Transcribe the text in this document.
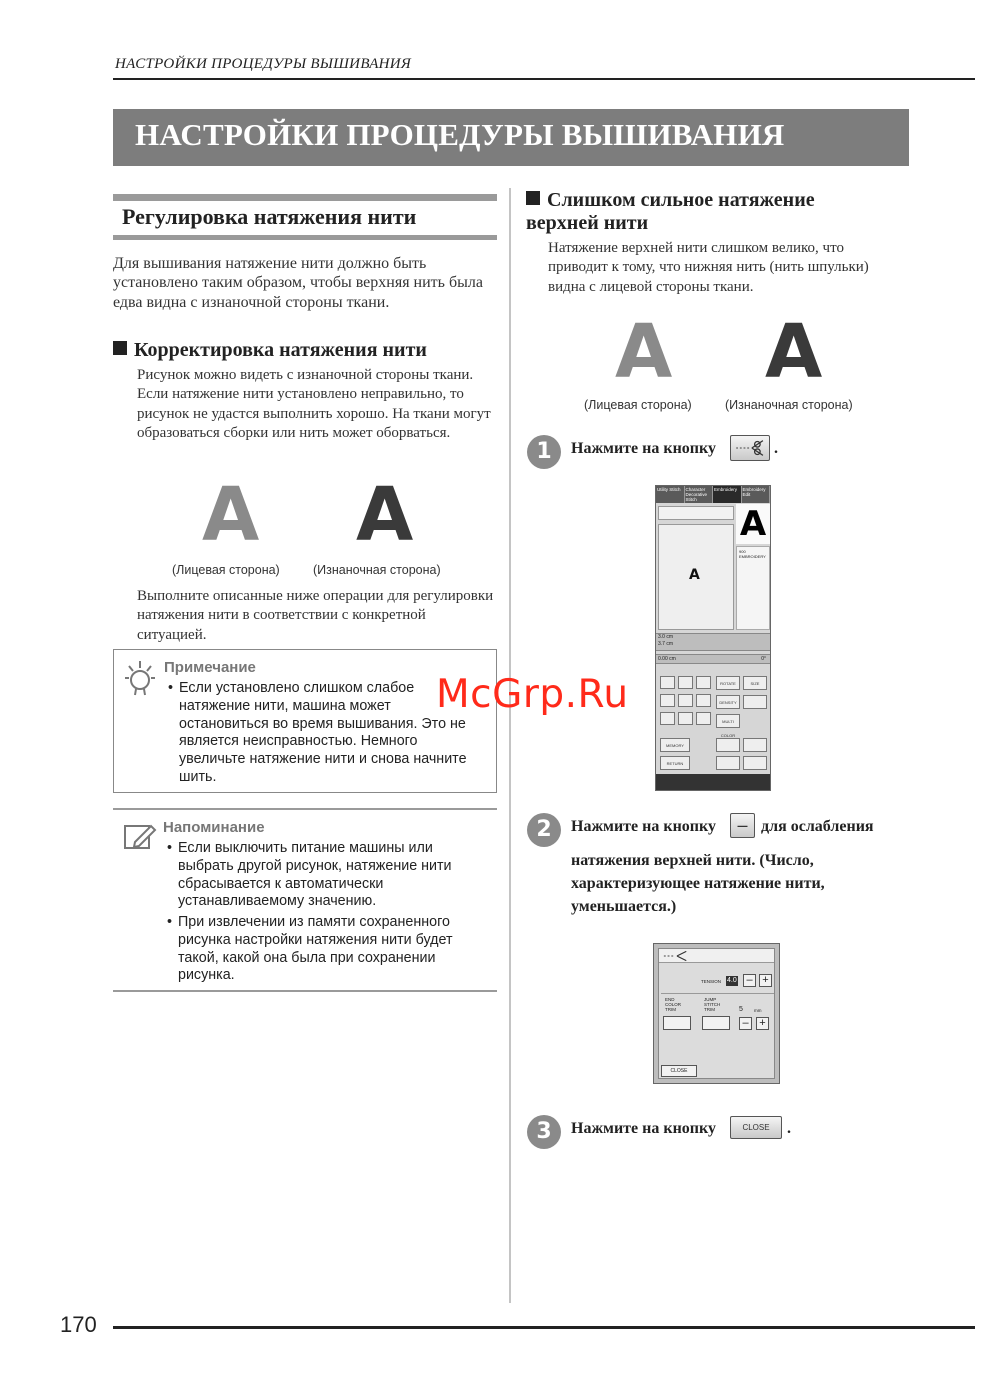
НАСТРОЙКИ ПРОЦЕДУРЫ ВЫШИВАНИЯ
НАСТРОЙКИ ПРОЦЕДУРЫ ВЫШИВАНИЯ
Регулировка натяжения нити
Для вышивания натяжение нити должно быть установлено таким образом, чтобы верхняя нить была едва видна с изнаночной стороны ткани.
Корректировка натяжения нити
Рисунок можно видеть с изнаночной стороны ткани. Если натяжение нити установлено неправильно, то рисунок не удастся выполнить хорошо. На ткани могут образоваться сборки или нить может оборваться.
A A
(Лицевая сторона)	(Изнаночная сторона)
Выполните описанные ниже операции для регулировки натяжения нити в соответствии с конкретной ситуацией.
Примечание
• Если установлено слишком слабое натяжение нити, машина может остановиться во время вышивания. Это не является неисправностью. Немного увеличьте натяжение нити и снова начните шить.
Напоминание
• Если выключить питание машины или выбрать другой рисунок, натяжение нити сбрасывается к автоматически устанавливаемому значению.
• При извлечении из памяти сохраненного рисунка настройки натяжения нити будет такой, какой она была при сохранении рисунка.
Слишком сильное натяжение верхней нити
Натяжение верхней нити слишком велико, что приводит к тому, что нижняя нить (нить шпульки) видна с лицевой стороны ткани.
A A
(Лицевая сторона)	(Изнаночная сторона)
1	Нажмите на кнопку	.
Utility Stitch	Character Decorative Stitch
Embroidery	Embroidery Edit
A
A
900 EMBROIDERY
3.0 cm
3.7 cm
0.00 cm	0°
ROTATE	SIZE
DENSITY
MULTI COLOR
MEMORY
RETURN
McGrp.Ru
2	Нажмите на кнопку	– для ослабления
натяжения верхней нити. (Число, характеризующее натяжение нити, уменьшается.)
TENSION 4.0 – +
END COLOR TRIM
JUMP STITCH TRIM	5 mm
– +
CLOSE
3	Нажмите на кнопку	CLOSE	.
170
